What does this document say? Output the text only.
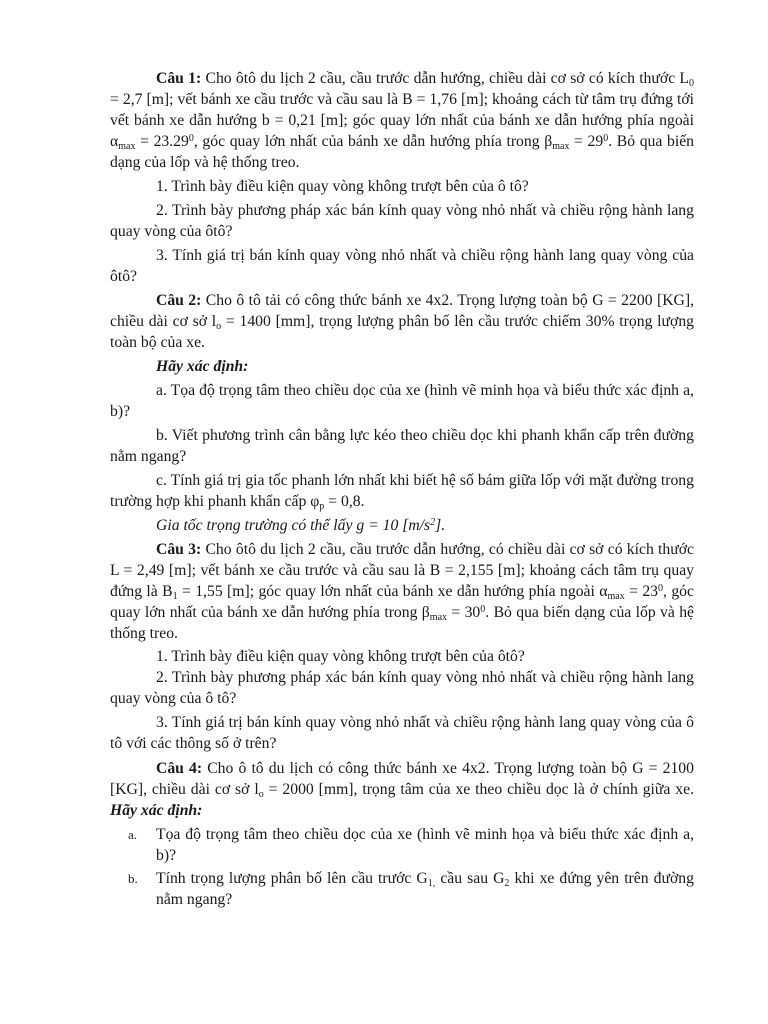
Câu 1: Cho ôtô du lịch 2 cầu, cầu trước dẫn hướng, chiều dài cơ sở có kích thước $L_0 = 2,7$ [m]; vết bánh xe cầu trước và cầu sau là B = 1,76 [m]; khoảng cách từ tâm trụ đứng tới vết bánh xe dẫn hướng b = 0,21 [m]; góc quay lớn nhất của bánh xe dẫn hướng phía ngoài $\alpha_{max} = 23.29^0$, góc quay lớn nhất của bánh xe dẫn hướng phía trong $\beta_{max} = 29^0$. Bỏ qua biến dạng của lốp và hệ thống treo.

1. Trình bày điều kiện quay vòng không trượt bên của ô tô?

2. Trình bày phương pháp xác bán kính quay vòng nhỏ nhất và chiều rộng hành lang quay vòng của ôtô?

3. Tính giá trị bán kính quay vòng nhỏ nhất và chiều rộng hành lang quay vòng của ôtô?

Câu 2: Cho ô tô tải có công thức bánh xe 4x2. Trọng lượng toàn bộ G = 2200 [KG], chiều dài cơ sở $l_o = 1400$ [mm], trọng lượng phân bố lên cầu trước chiếm 30% trọng lượng toàn bộ của xe.

Hãy xác định:

a. Tọa độ trọng tâm theo chiều dọc của xe (hình vẽ minh họa và biểu thức xác định a, b)?

b. Viết phương trình cân bằng lực kéo theo chiều dọc khi phanh khẩn cấp trên đường nằm ngang?

c. Tính giá trị gia tốc phanh lớn nhất khi biết hệ số bám giữa lốp với mặt đường trong trường hợp khi phanh khẩn cấp $\varphi_p = 0,8$.

Gia tốc trọng trường có thể lấy g = 10 $[m/s^2]$.

Câu 3: Cho ôtô du lịch 2 cầu, cầu trước dẫn hướng, có chiều dài cơ sở có kích thước L = 2,49 [m]; vết bánh xe cầu trước và cầu sau là B = 2,155 [m]; khoảng cách tâm trụ quay đứng là $B_1 = 1,55$ [m]; góc quay lớn nhất của bánh xe dẫn hướng phía ngoài $\alpha_{max} = 23^0$, góc quay lớn nhất của bánh xe dẫn hướng phía trong $\beta_{max} = 30^0$. Bỏ qua biến dạng của lốp và hệ thống treo.

1. Trình bày điều kiện quay vòng không trượt bên của ôtô?

2. Trình bày phương pháp xác bán kính quay vòng nhỏ nhất và chiều rộng hành lang quay vòng của ô tô?

3. Tính giá trị bán kính quay vòng nhỏ nhất và chiều rộng hành lang quay vòng của ô tô với các thông số ở trên?

Câu 4: Cho ô tô du lịch có công thức bánh xe 4x2. Trọng lượng toàn bộ G = 2100 [KG], chiều dài cơ sở $l_o = 2000$ [mm], trọng tâm của xe theo chiều dọc là ở chính giữa xe. Hãy xác định:

a.	Tọa độ trọng tâm theo chiều dọc của xe (hình vẽ minh họa và biểu thức xác định a, b)?
b.	Tính trọng lượng phân bố lên cầu trước $G_{1,}$ cầu sau $G_2$ khi xe đứng yên trên đường nằm ngang?
